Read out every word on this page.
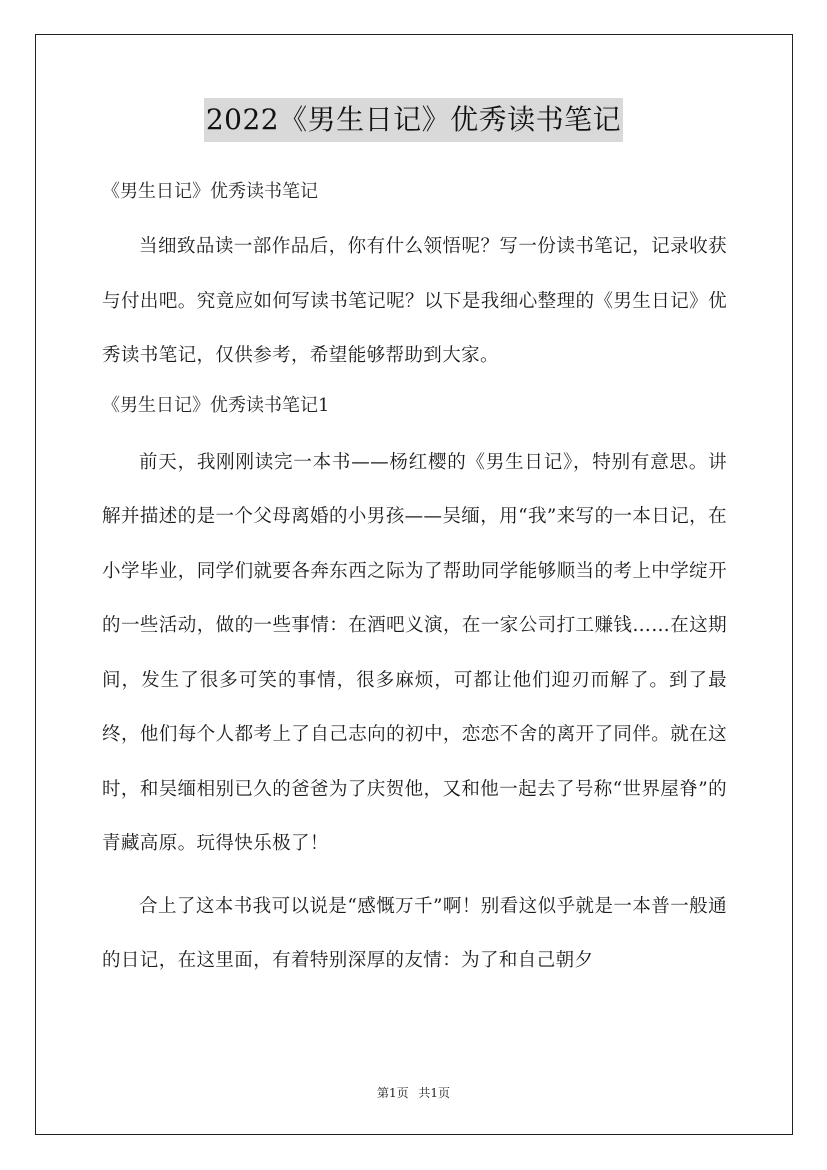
2022《男生日记》优秀读书笔记

《男生日记》优秀读书笔记

当细致品读一部作品后，你有什么领悟呢？写一份读书笔记，记录收获与付出吧。究竟应如何写读书笔记呢？以下是我细心整理的《男生日记》优秀读书笔记，仅供参考，希望能够帮助到大家。

《男生日记》优秀读书笔记1

前天，我刚刚读完一本书——杨红樱的《男生日记》，特别有意思。讲解并描述的是一个父母离婚的小男孩——吴缅，用“我”来写的一本日记，在小学毕业，同学们就要各奔东西之际为了帮助同学能够顺当的考上中学绽开的一些活动，做的一些事情：在酒吧义演，在一家公司打工赚钱……在这期间，发生了很多可笑的事情，很多麻烦，可都让他们迎刃而解了。到了最终，他们每个人都考上了自己志向的初中，恋恋不舍的离开了同伴。就在这时，和吴缅相别已久的爸爸为了庆贺他，又和他一起去了号称“世界屋脊”的青藏高原。玩得快乐极了！

合上了这本书我可以说是“感慨万千”啊！别看这似乎就是一本普一般通的日记，在这里面，有着特别深厚的友情：为了和自己朝夕

第1页 共1页
